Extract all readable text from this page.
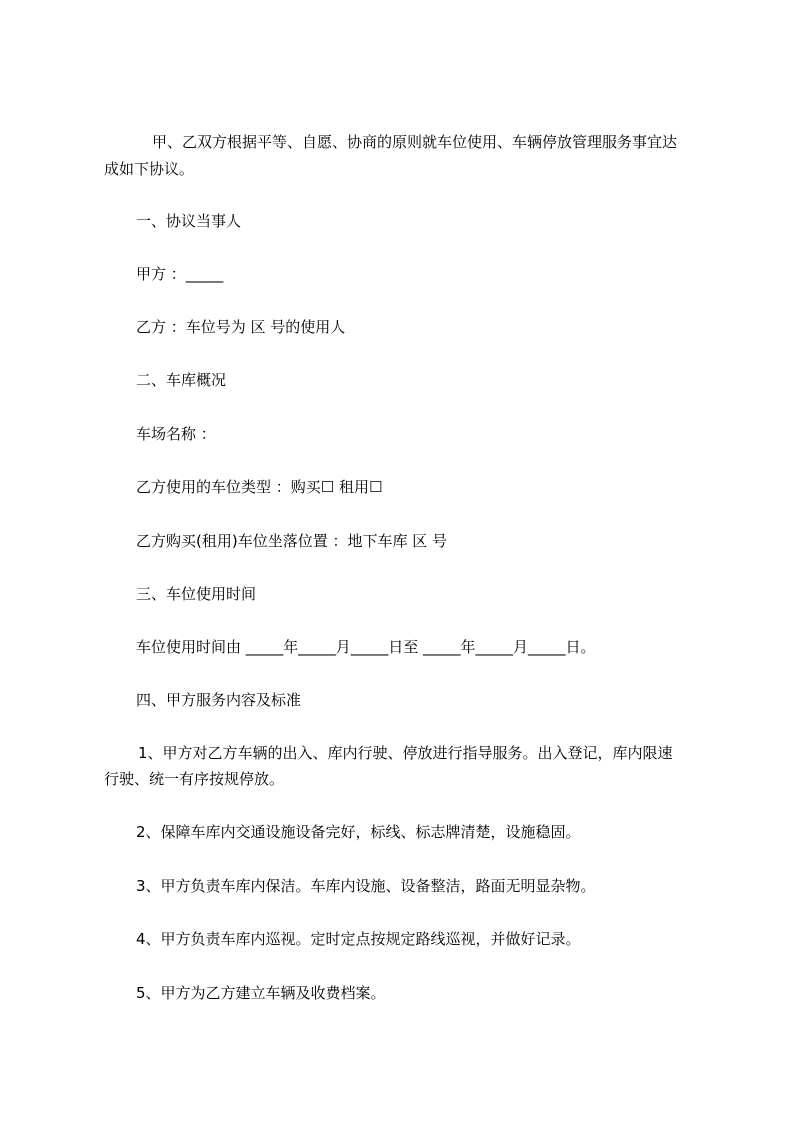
甲、乙双方根据平等、自愿、协商的原则就车位使用、车辆停放管理服务事宜达
成如下协议。
一、协议当事人
甲方 ：_____
乙方 ：车位号为 区 号的使用人
二、车库概况
车场名称 ：
乙方使用的车位类型 ：购买☐ 租用☐
乙方购买(租用)车位坐落位置 ：地下车库 区 号
三、车位使用时间
车位使用时间由 _____年_____月_____日至 _____年_____月_____日。
四、甲方服务内容及标准
1、甲方对乙方车辆的出入、库内行驶、停放进行指导服务。出入登记，库内限速
行驶、统一有序按规停放。
2、保障车库内交通设施设备完好，标线、标志牌清楚，设施稳固。
3、甲方负责车库内保洁。车库内设施、设备整洁，路面无明显杂物。
4、甲方负责车库内巡视。定时定点按规定路线巡视，并做好记录。
5、甲方为乙方建立车辆及收费档案。
